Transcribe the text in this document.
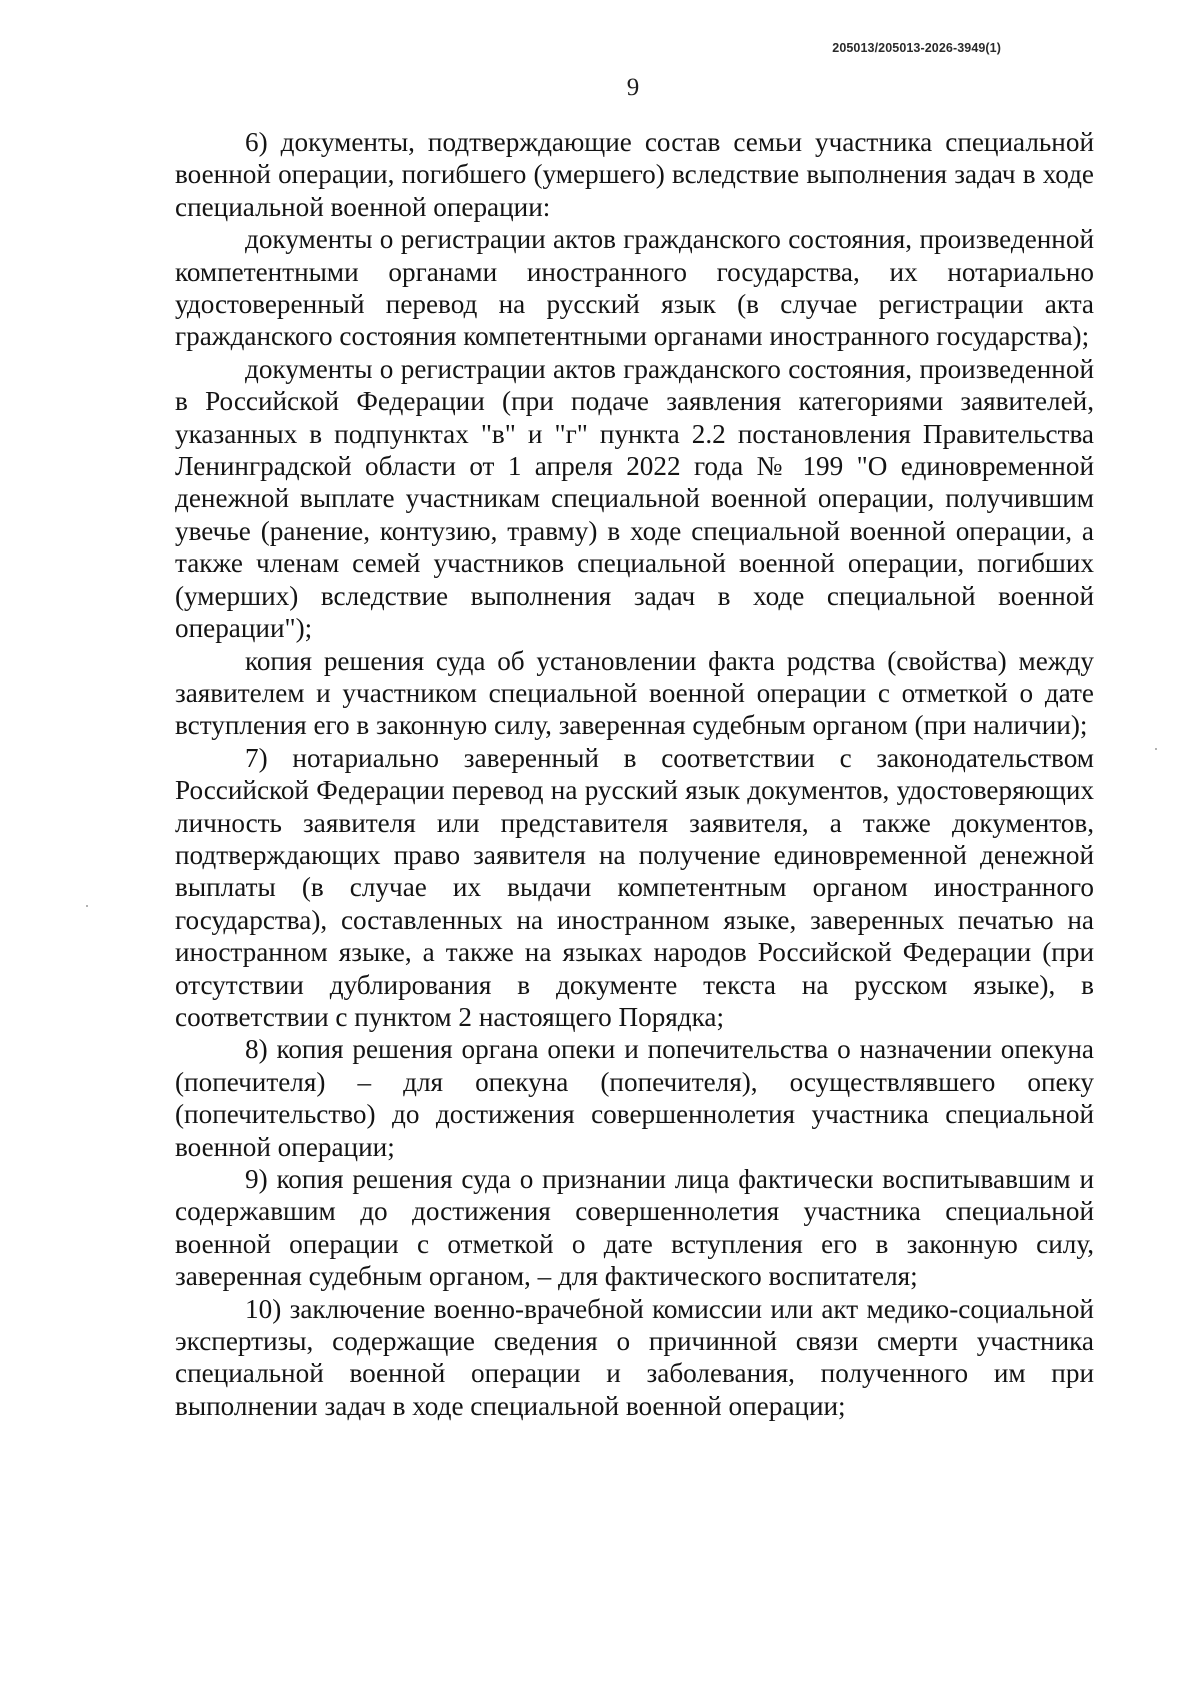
205013/205013-2026-3949(1)
9

6) документы, подтверждающие состав семьи участника специальной военной операции, погибшего (умершего) вследствие выполнения задач в ходе специальной военной операции:

документы о регистрации актов гражданского состояния, произведенной компетентными органами иностранного государства, их нотариально удостоверенный перевод на русский язык (в случае регистрации акта гражданского состояния компетентными органами иностранного государства);

документы о регистрации актов гражданского состояния, произведенной в Российской Федерации (при подаче заявления категориями заявителей, указанных в подпунктах "в" и "г" пункта 2.2 постановления Правительства Ленинградской области от 1 апреля 2022 года № 199 "О единовременной денежной выплате участникам специальной военной операции, получившим увечье (ранение, контузию, травму) в ходе специальной военной операции, а также членам семей участников специальной военной операции, погибших (умерших) вследствие выполнения задач в ходе специальной военной операции");

копия решения суда об установлении факта родства (свойства) между заявителем и участником специальной военной операции с отметкой о дате вступления его в законную силу, заверенная судебным органом (при наличии);

7) нотариально заверенный в соответствии с законодательством Российской Федерации перевод на русский язык документов, удостоверяющих личность заявителя или представителя заявителя, а также документов, подтверждающих право заявителя на получение единовременной денежной выплаты (в случае их выдачи компетентным органом иностранного государства), составленных на иностранном языке, заверенных печатью на иностранном языке, а также на языках народов Российской Федерации (при отсутствии дублирования в документе текста на русском языке), в соответствии с пунктом 2 настоящего Порядка;

8) копия решения органа опеки и попечительства о назначении опекуна (попечителя) – для опекуна (попечителя), осуществлявшего опеку (попечительство) до достижения совершеннолетия участника специальной военной операции;

9) копия решения суда о признании лица фактически воспитывавшим и содержавшим до достижения совершеннолетия участника специальной военной операции с отметкой о дате вступления его в законную силу, заверенная судебным органом, – для фактического воспитателя;

10) заключение военно-врачебной комиссии или акт медико-социальной экспертизы, содержащие сведения о причинной связи смерти участника специальной военной операции и заболевания, полученного им при выполнении задач в ходе специальной военной операции;
